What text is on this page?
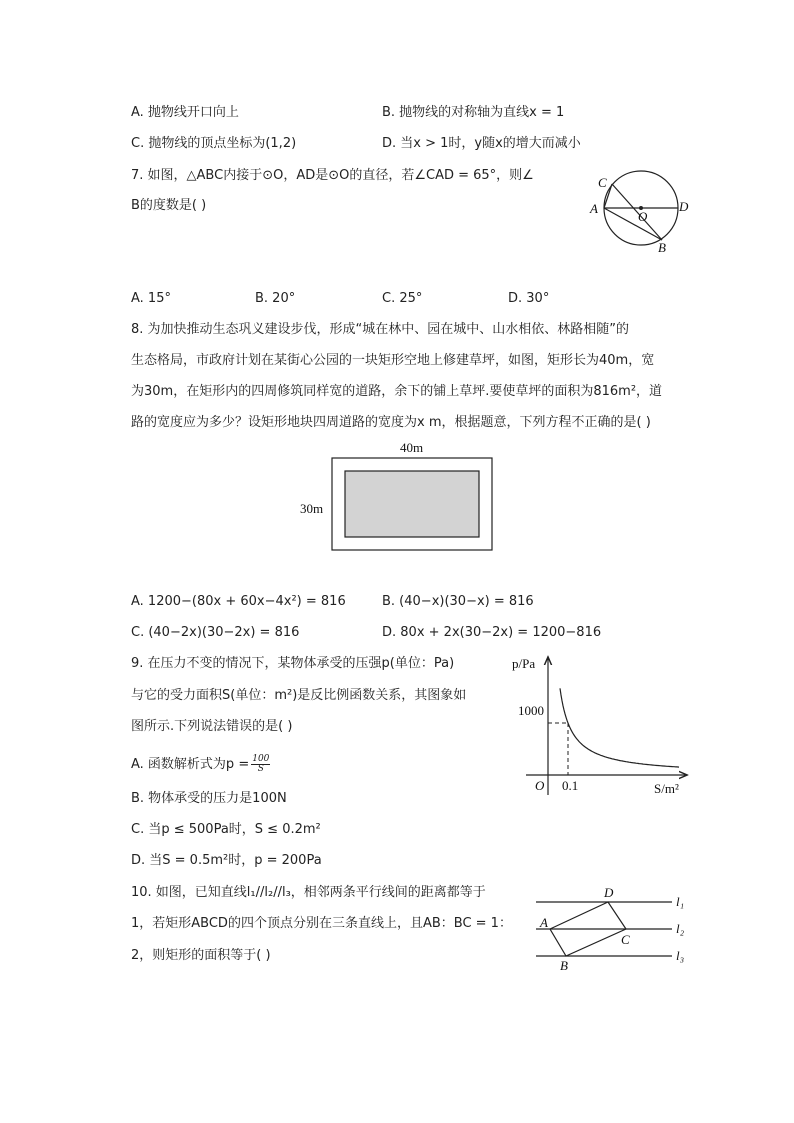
A. 抛物线开口向上	B. 抛物线的对称轴为直线x = 1
C. 抛物线的顶点坐标为(1,2)	D. 当x > 1时，y随x的增大而减小
7. 如图，△ABC内接于⊙O，AD是⊙O的直径，若∠CAD = 65°，则∠
B的度数是( )
C
A
O
D
B
A. 15°	B. 20°	C. 25°	D. 30°
8. 为加快推动生态巩义建设步伐，形成“城在林中、园在城中、山水相依、林路相随”的
生态格局，市政府计划在某街心公园的一块矩形空地上修建草坪，如图，矩形长为40m，宽
为30m，在矩形内的四周修筑同样宽的道路，余下的铺上草坪.要使草坪的面积为816m²，道
路的宽度应为多少？设矩形地块四周道路的宽度为x m，根据题意，下列方程不正确的是( )
40m
30m
A. 1200−(80x + 60x−4x²) = 816	B. (40−x)(30−x) = 816
C. (40−2x)(30−2x) = 816	D. 80x + 2x(30−2x) = 1200−816
9. 在压力不变的情况下，某物体承受的压强p(单位：Pa)
与它的受力面积S(单位：m²)是反比例函数关系，其图象如
图所示.下列说法错误的是( )
A. 函数解析式为$p = \frac{100}{S}$
B. 物体承受的压力是100N
C. 当p ≤ 500Pa时，S ≤ 0.2m²
D. 当S = 0.5m²时，p = 200Pa
p/Pa
S/m²
O
1000
0.1
10. 如图，已知直线l₁//l₂//l₃，相邻两条平行线间的距离都等于
1，若矩形ABCD的四个顶点分别在三条直线上，且AB：BC = 1：
2，则矩形的面积等于( )
D
A
C
B
l₁
l₂
l₃
